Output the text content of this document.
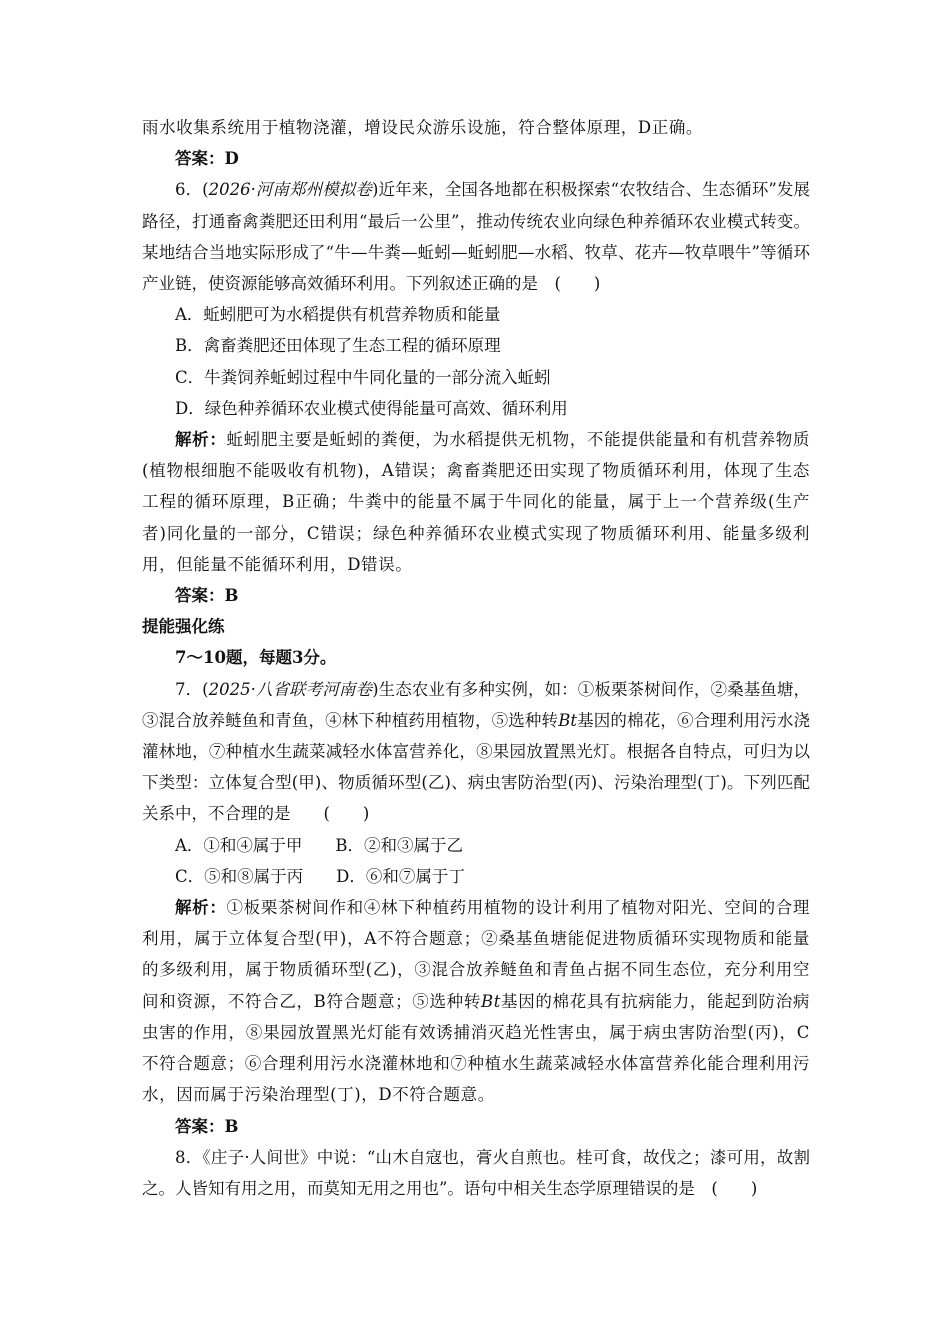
雨水收集系统用于植物浇灌，增设民众游乐设施，符合整体原理，D正确。

答案：D

6．(2026·河南郑州模拟卷)近年来，全国各地都在积极探索“农牧结合、生态循环”发展路径，打通畜禽粪肥还田利用“最后一公里”，推动传统农业向绿色种养循环农业模式转变。某地结合当地实际形成了“牛—牛粪—蚯蚓—蚯蚓肥—水稻、牧草、花卉—牧草喂牛”等循环产业链，使资源能够高效循环利用。下列叙述正确的是　(　　)

A．蚯蚓肥可为水稻提供有机营养物质和能量

B．禽畜粪肥还田体现了生态工程的循环原理

C．牛粪饲养蚯蚓过程中牛同化量的一部分流入蚯蚓

D．绿色种养循环农业模式使得能量可高效、循环利用

解析：蚯蚓肥主要是蚯蚓的粪便，为水稻提供无机物，不能提供能量和有机营养物质(植物根细胞不能吸收有机物)，A错误；禽畜粪肥还田实现了物质循环利用，体现了生态工程的循环原理，B正确；牛粪中的能量不属于牛同化的能量，属于上一个营养级(生产者)同化量的一部分，C错误；绿色种养循环农业模式实现了物质循环利用、能量多级利用，但能量不能循环利用，D错误。

答案：B

提能强化练

7～10题，每题3分。

7．(2025·八省联考河南卷)生态农业有多种实例，如：①板栗茶树间作，②桑基鱼塘，③混合放养鲢鱼和青鱼，④林下种植药用植物，⑤选种转Bt基因的棉花，⑥合理利用污水浇灌林地，⑦种植水生蔬菜减轻水体富营养化，⑧果园放置黑光灯。根据各自特点，可归为以下类型：立体复合型(甲)、物质循环型(乙)、病虫害防治型(丙)、污染治理型(丁)。下列匹配关系中，不合理的是　　(　　)

A．①和④属于甲　　B．②和③属于乙

C．⑤和⑧属于丙　　D．⑥和⑦属于丁

解析：①板栗茶树间作和④林下种植药用植物的设计利用了植物对阳光、空间的合理利用，属于立体复合型(甲)，A不符合题意；②桑基鱼塘能促进物质循环实现物质和能量的多级利用，属于物质循环型(乙)，③混合放养鲢鱼和青鱼占据不同生态位，充分利用空间和资源，不符合乙，B符合题意；⑤选种转Bt基因的棉花具有抗病能力，能起到防治病虫害的作用，⑧果园放置黑光灯能有效诱捕消灭趋光性害虫，属于病虫害防治型(丙)，C不符合题意；⑥合理利用污水浇灌林地和⑦种植水生蔬菜减轻水体富营养化能合理利用污水，因而属于污染治理型(丁)，D不符合题意。

答案：B

8．《庄子·人间世》中说：“山木自寇也，膏火自煎也。桂可食，故伐之；漆可用，故割之。人皆知有用之用，而莫知无用之用也”。语句中相关生态学原理错误的是　(　　)
